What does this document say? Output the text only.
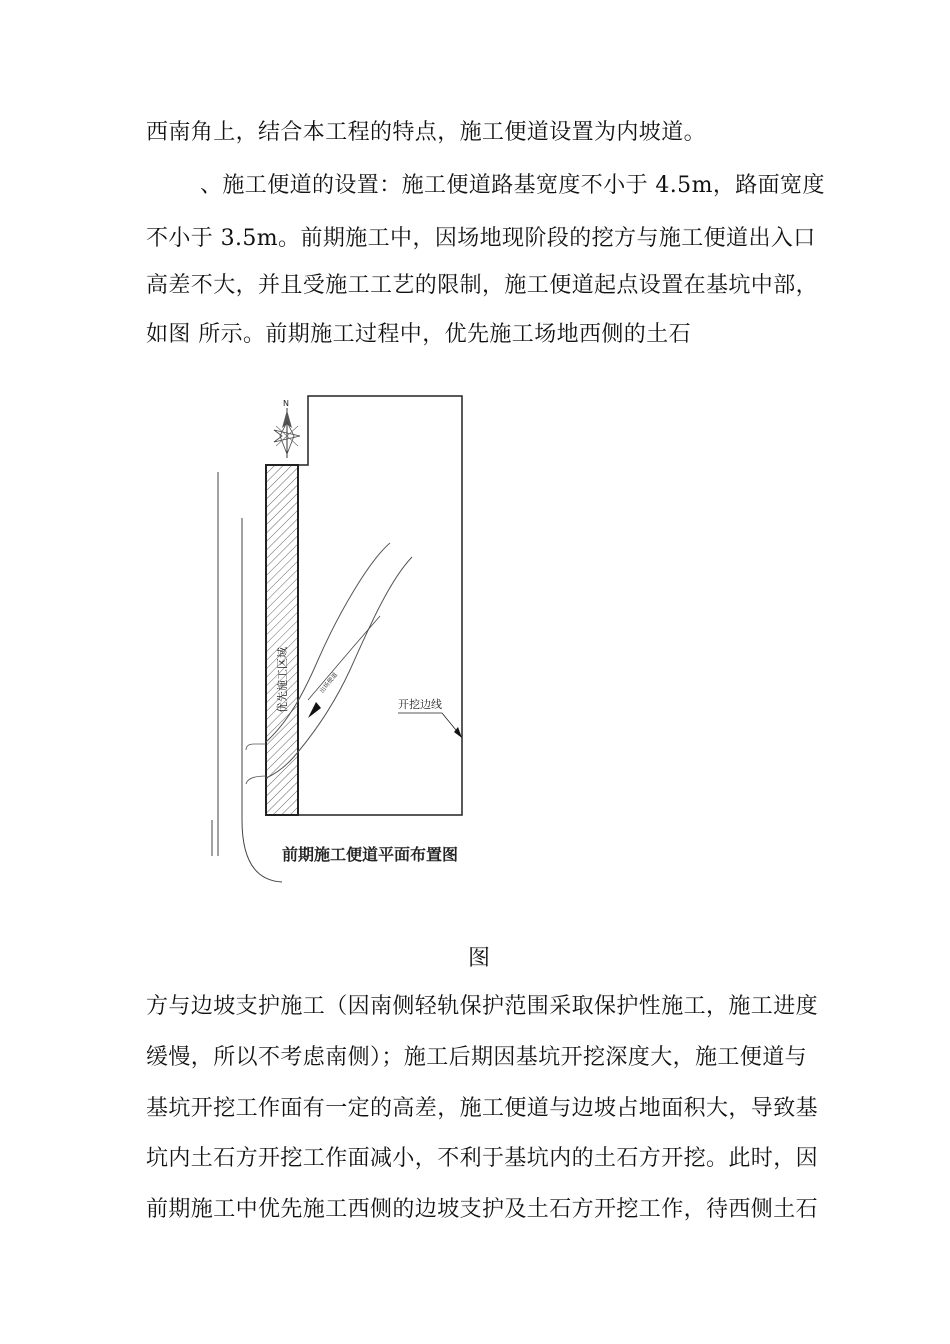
西南角上，结合本工程的特点，施工便道设置为内坡道。
、施工便道的设置：施工便道路基宽度不小于 4.5m，路面宽度
不小于 3.5m。前期施工中，因场地现阶段的挖方与施工便道出入口
高差不大，并且受施工工艺的限制，施工便道起点设置在基坑中部，
如图 所示。前期施工过程中，优先施工场地西侧的土石
优先施工区域
N
出场便道
开挖边线
前期施工便道平面布置图
图
方与边坡支护施工（因南侧轻轨保护范围采取保护性施工，施工进度
缓慢，所以不考虑南侧）；施工后期因基坑开挖深度大，施工便道与
基坑开挖工作面有一定的高差，施工便道与边坡占地面积大，导致基
坑内土石方开挖工作面减小，不利于基坑内的土石方开挖。此时，因
前期施工中优先施工西侧的边坡支护及土石方开挖工作，待西侧土石
